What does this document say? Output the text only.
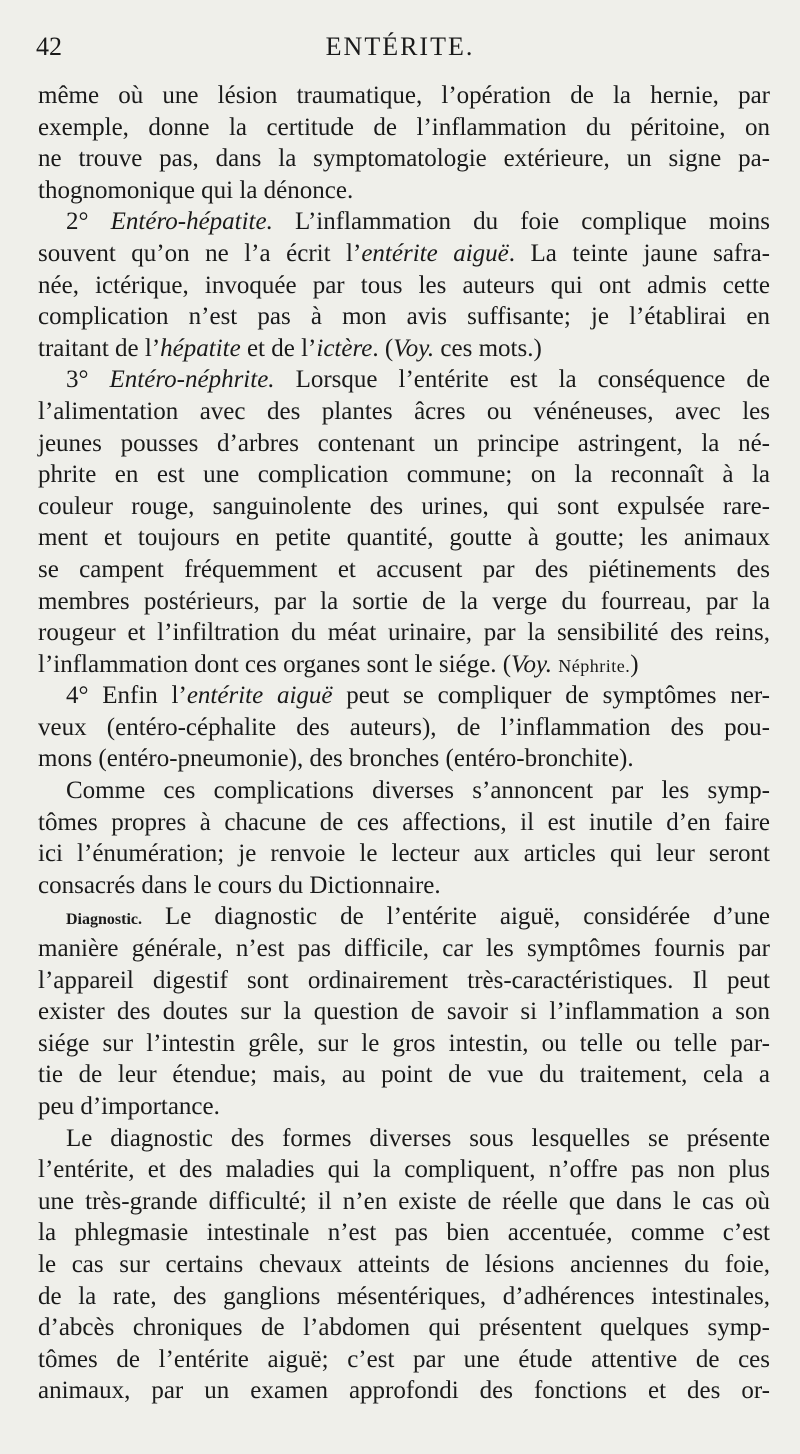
42	ENTÉRITE.
même où une lésion traumatique, l’opération de la hernie, par
exemple, donne la certitude de l’inflammation du péritoine, on
ne trouve pas, dans la symptomatologie extérieure, un signe pa-
thognomonique qui la dénonce.
2° Entéro-hépatite. L’inflammation du foie complique moins
souvent qu’on ne l’a écrit l’entérite aiguë. La teinte jaune safra-
née, ictérique, invoquée par tous les auteurs qui ont admis cette
complication n’est pas à mon avis suffisante; je l’établirai en
traitant de l’hépatite et de l’ictère. (Voy. ces mots.)
3° Entéro-néphrite. Lorsque l’entérite est la conséquence de
l’alimentation avec des plantes âcres ou vénéneuses, avec les
jeunes pousses d’arbres contenant un principe astringent, la né-
phrite en est une complication commune; on la reconnaît à la
couleur rouge, sanguinolente des urines, qui sont expulsée rare-
ment et toujours en petite quantité, goutte à goutte; les animaux
se campent fréquemment et accusent par des piétinements des
membres postérieurs, par la sortie de la verge du fourreau, par la
rougeur et l’infiltration du méat urinaire, par la sensibilité des reins,
l’inflammation dont ces organes sont le siége. (Voy. Néphrite.)
4° Enfin l’entérite aiguë peut se compliquer de symptômes ner-
veux (entéro-céphalite des auteurs), de l’inflammation des pou-
mons (entéro-pneumonie), des bronches (entéro-bronchite).
Comme ces complications diverses s’annoncent par les symp-
tômes propres à chacune de ces affections, il est inutile d’en faire
ici l’énumération; je renvoie le lecteur aux articles qui leur seront
consacrés dans le cours du Dictionnaire.
Diagnostic. Le diagnostic de l’entérite aiguë, considérée d’une
manière générale, n’est pas difficile, car les symptômes fournis par
l’appareil digestif sont ordinairement très-caractéristiques. Il peut
exister des doutes sur la question de savoir si l’inflammation a son
siége sur l’intestin grêle, sur le gros intestin, ou telle ou telle par-
tie de leur étendue; mais, au point de vue du traitement, cela a
peu d’importance.
Le diagnostic des formes diverses sous lesquelles se présente
l’entérite, et des maladies qui la compliquent, n’offre pas non plus
une très-grande difficulté; il n’en existe de réelle que dans le cas où
la phlegmasie intestinale n’est pas bien accentuée, comme c’est
le cas sur certains chevaux atteints de lésions anciennes du foie,
de la rate, des ganglions mésentériques, d’adhérences intestinales,
d’abcès chroniques de l’abdomen qui présentent quelques symp-
tômes de l’entérite aiguë; c’est par une étude attentive de ces
animaux, par un examen approfondi des fonctions et des or-
